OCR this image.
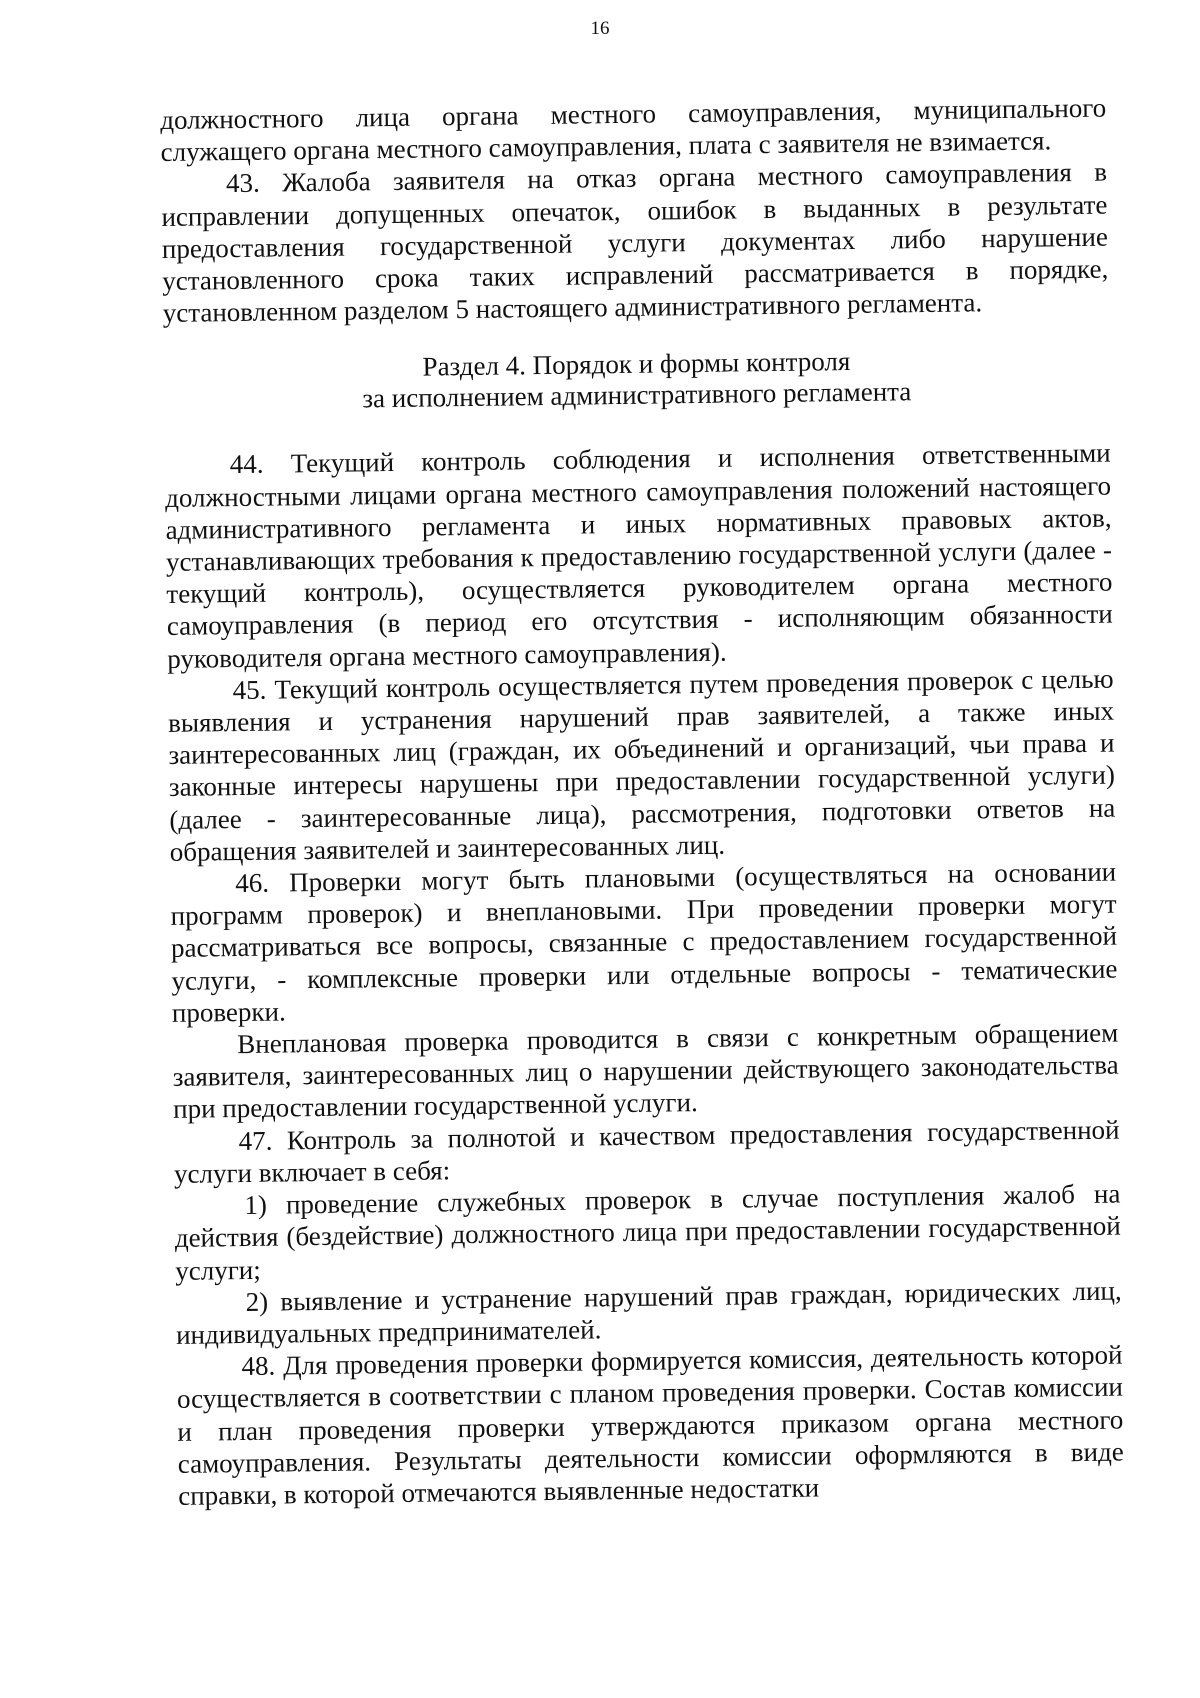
16

должностного лица органа местного самоуправления, муниципального служащего органа местного самоуправления, плата с заявителя не взимается.

43. Жалоба заявителя на отказ органа местного самоуправления в исправлении допущенных опечаток, ошибок в выданных в результате предоставления государственной услуги документах либо нарушение установленного срока таких исправлений рассматривается в порядке, установленном разделом 5 настоящего административного регламента.

Раздел 4. Порядок и формы контроля
за исполнением административного регламента

44. Текущий контроль соблюдения и исполнения ответственными должностными лицами органа местного самоуправления положений настоящего административного регламента и иных нормативных правовых актов, устанавливающих требования к предоставлению государственной услуги (далее - текущий контроль), осуществляется руководителем органа местного самоуправления (в период его отсутствия - исполняющим обязанности руководителя органа местного самоуправления).

45. Текущий контроль осуществляется путем проведения проверок с целью выявления и устранения нарушений прав заявителей, а также иных заинтересованных лиц (граждан, их объединений и организаций, чьи права и законные интересы нарушены при предоставлении государственной услуги) (далее - заинтересованные лица), рассмотрения, подготовки ответов на обращения заявителей и заинтересованных лиц.

46. Проверки могут быть плановыми (осуществляться на основании программ проверок) и внеплановыми. При проведении проверки могут рассматриваться все вопросы, связанные с предоставлением государственной услуги, - комплексные проверки или отдельные вопросы - тематические проверки.

Внеплановая проверка проводится в связи с конкретным обращением заявителя, заинтересованных лиц о нарушении действующего законодательства при предоставлении государственной услуги.

47. Контроль за полнотой и качеством предоставления государственной услуги включает в себя:

1) проведение служебных проверок в случае поступления жалоб на действия (бездействие) должностного лица при предоставлении государственной услуги;

2) выявление и устранение нарушений прав граждан, юридических лиц, индивидуальных предпринимателей.

48. Для проведения проверки формируется комиссия, деятельность которой осуществляется в соответствии с планом проведения проверки. Состав комиссии и план проведения проверки утверждаются приказом органа местного самоуправления. Результаты деятельности комиссии оформляются в виде справки, в которой отмечаются выявленные недостатки
